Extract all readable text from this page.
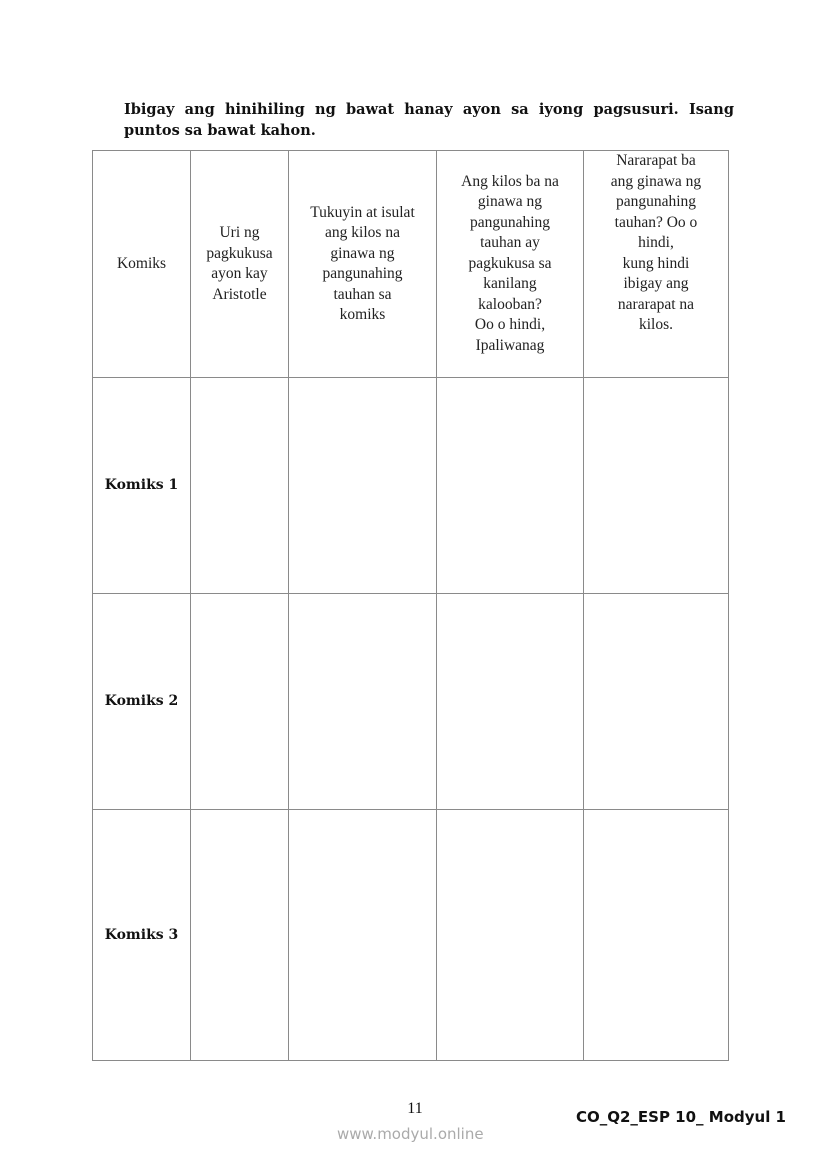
Ibigay ang hinihiling ng bawat hanay ayon sa iyong pagsusuri. Isang puntos sa bawat kahon.
Komiks
Uri ng
pagkukusa
ayon kay
Aristotle
Tukuyin at isulat
ang kilos na
ginawa ng
pangunahing
tauhan sa
komiks
Ang kilos ba na
ginawa ng
pangunahing
tauhan ay
pagkukusa sa
kanilang
kalooban?
Oo o hindi,
Ipaliwanag
Nararapat ba
ang ginawa ng
pangunahing
tauhan? Oo o
hindi,
kung hindi
ibigay ang
nararapat na
kilos.
Komiks 1
Komiks 2
Komiks 3
11	CO_Q2_ESP 10_ Modyul 1
www.modyul.online
